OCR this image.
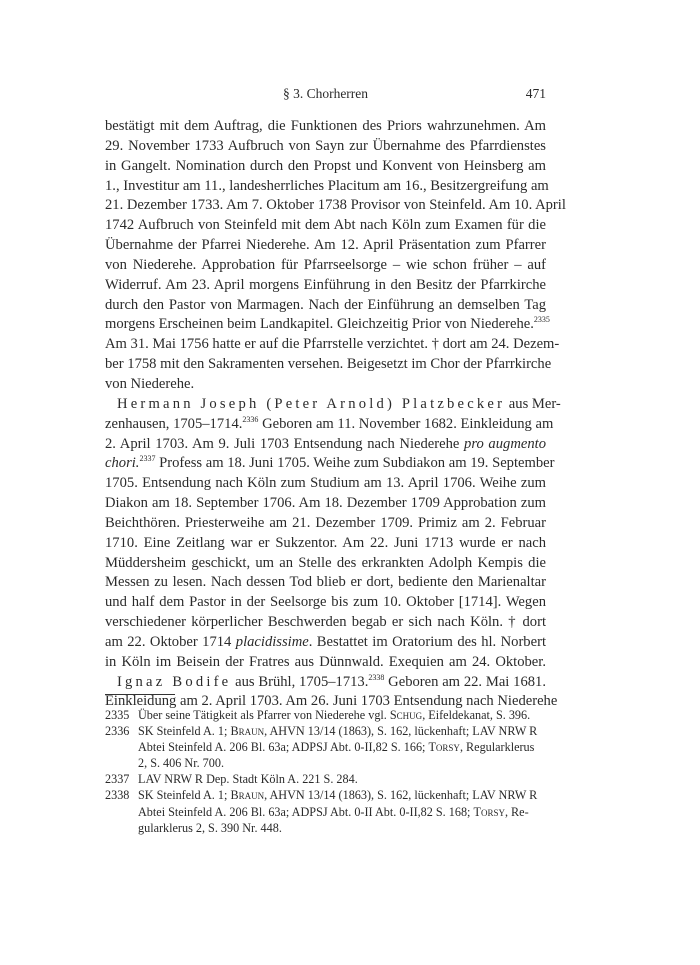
§ 3. Chorherren	471
bestätigt mit dem Auftrag, die Funktionen des Priors wahrzunehmen. Am
29. November 1733 Aufbruch von Sayn zur Übernahme des Pfarrdienstes
in Gangelt. Nomination durch den Propst und Konvent von Heinsberg am
1., Investitur am 11., landesherrliches Placitum am 16., Besitzergreifung am
21. Dezember 1733. Am 7. Oktober 1738 Provisor von Steinfeld. Am 10. April
1742 Aufbruch von Steinfeld mit dem Abt nach Köln zum Examen für die
Übernahme der Pfarrei Niederehe. Am 12. April Präsentation zum Pfarrer
von Niederehe. Approbation für Pfarrseelsorge – wie schon früher – auf
Widerruf. Am 23. April morgens Einführung in den Besitz der Pfarrkirche
durch den Pastor von Marmagen. Nach der Einführung an demselben Tag
morgens Erscheinen beim Landkapitel. Gleichzeitig Prior von Niederehe.$^{2335}$
Am 31. Mai 1756 hatte er auf die Pfarrstelle verzichtet. † dort am 24. Dezem-
ber 1758 mit den Sakramenten versehen. Beigesetzt im Chor der Pfarrkirche
von Niederehe.
Hermann Joseph (Peter Arnold) Platzbecker aus Mer-
zenhausen, 1705–1714.$^{2336}$ Geboren am 11. November 1682. Einkleidung am
2. April 1703. Am 9. Juli 1703 Entsendung nach Niederehe pro augmento
chori.$^{2337}$ Profess am 18. Juni 1705. Weihe zum Subdiakon am 19. September
1705. Entsendung nach Köln zum Studium am 13. April 1706. Weihe zum
Diakon am 18. September 1706. Am 18. Dezember 1709 Approbation zum
Beichthören. Priesterweihe am 21. Dezember 1709. Primiz am 2. Februar
1710. Eine Zeitlang war er Sukzentor. Am 22. Juni 1713 wurde er nach
Müddersheim geschickt, um an Stelle des erkrankten Adolph Kempis die
Messen zu lesen. Nach dessen Tod blieb er dort, bediente den Marienaltar
und half dem Pastor in der Seelsorge bis zum 10. Oktober [1714]. Wegen
verschiedener körperlicher Beschwerden begab er sich nach Köln. † dort
am 22. Oktober 1714 placidissime. Bestattet im Oratorium des hl. Norbert
in Köln im Beisein der Fratres aus Dünnwald. Exequien am 24. Oktober.
Ignaz Bodife aus Brühl, 1705–1713.$^{2338}$ Geboren am 22. Mai 1681.
Einkleidung am 2. April 1703. Am 26. Juni 1703 Entsendung nach Niederehe
2335 Über seine Tätigkeit als Pfarrer von Niederehe vgl. Schug, Eifeldekanat, S. 396.
2336 SK Steinfeld A. 1; Braun, AHVN 13/14 (1863), S. 162, lückenhaft; LAV NRW R
Abtei Steinfeld A. 206 Bl. 63a; ADPSJ Abt. 0-II,82 S. 166; Torsy, Regularklerus
2, S. 406 Nr. 700.
2337 LAV NRW R Dep. Stadt Köln A. 221 S. 284.
2338 SK Steinfeld A. 1; Braun, AHVN 13/14 (1863), S. 162, lückenhaft; LAV NRW R
Abtei Steinfeld A. 206 Bl. 63a; ADPSJ Abt. 0-II Abt. 0-II,82 S. 168; Torsy, Re-
gularklerus 2, S. 390 Nr. 448.
